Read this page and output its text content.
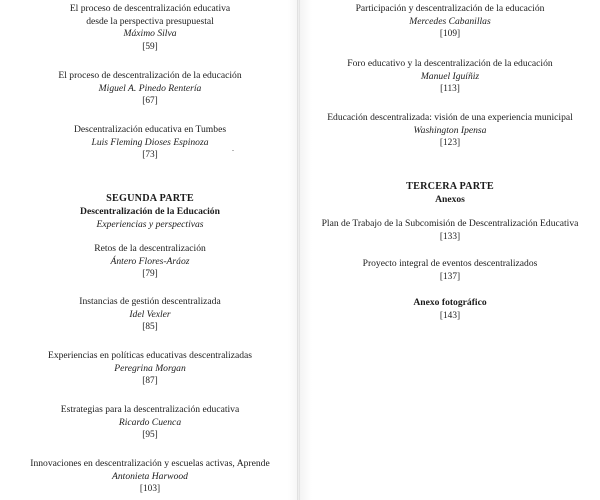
El proceso de descentralización educativa
desde la perspectiva presupuestal
Máximo Silva
[ 59 ]
El proceso de descentralización de la educación
Miguel A. Pinedo Rentería
[ 67 ]
Descentralización educativa en Tumbes
Luis Fleming Dioses Espinoza
[ 73 ]
SEGUNDA PARTE
Descentralización de la Educación
Experiencias y perspectivas
Retos de la descentralización
Ántero Flores-Aráoz
[ 79 ]
Instancias de gestión descentralizada
Idel Vexler
[ 85 ]
Experiencias en políticas educativas descentralizadas
Peregrina Morgan
[ 87 ]
Estrategias para la descentralización educativa
Ricardo Cuenca
[ 95 ]
Innovaciones en descentralización y escuelas activas, Aprende
Antonieta Harwood
[ 103 ]
Participación y descentralización de la educación
Mercedes Cabanillas
[ 109 ]
Foro educativo y la descentralización de la educación
Manuel Iguíñiz
[ 113 ]
Educación descentralizada: visión de una experiencia municipal
Washington Ipensa
[ 123 ]
TERCERA PARTE
Anexos
Plan de Trabajo de la Subcomisión de Descentralización Educativa
[ 133 ]
Proyecto integral de eventos descentralizados
[ 137 ]
Anexo fotográfico
[ 143 ]
